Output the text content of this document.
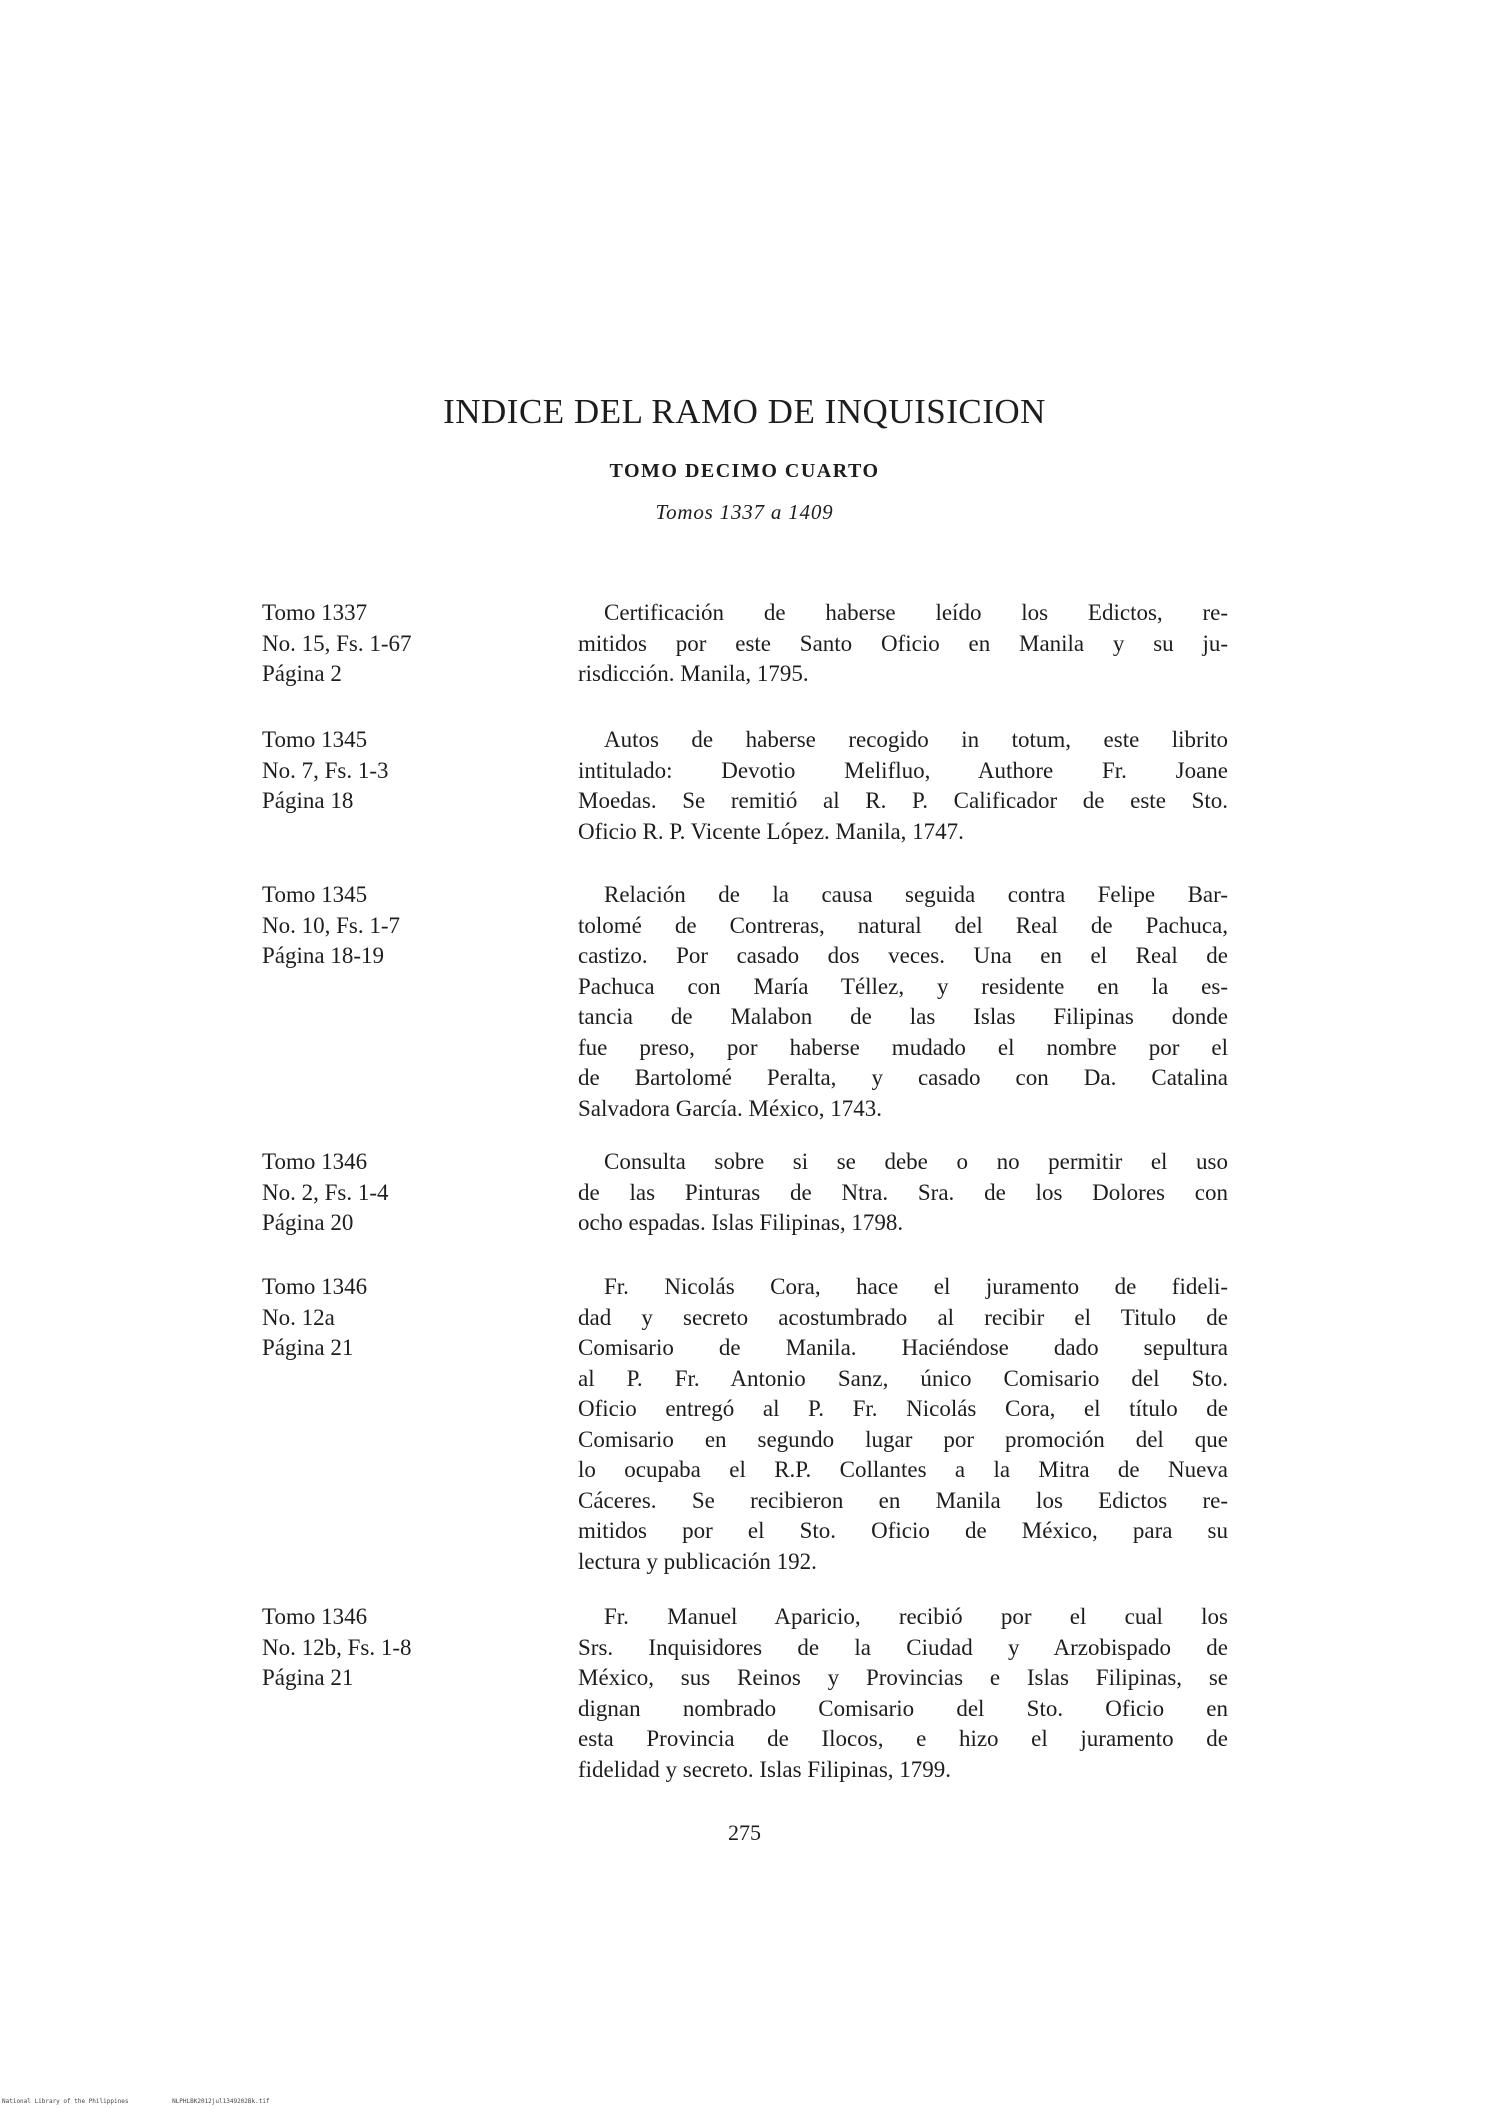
INDICE DEL RAMO DE INQUISICION
TOMO DECIMO CUARTO
Tomos 1337 a 1409
Tomo 1337
No. 15, Fs. 1-67
Página 2
Certificación de haberse leído los Edictos, re-
mitidos por este Santo Oficio en Manila y su ju-
risdicción. Manila, 1795.
Tomo 1345
No. 7, Fs. 1-3
Página 18
Autos de haberse recogido in totum, este librito
intitulado: Devotio Melifluo, Authore Fr. Joane
Moedas. Se remitió al R. P. Calificador de este Sto.
Oficio R. P. Vicente López. Manila, 1747.
Tomo 1345
No. 10, Fs. 1-7
Página 18-19
Relación de la causa seguida contra Felipe Bar-
tolomé de Contreras, natural del Real de Pachuca,
castizo. Por casado dos veces. Una en el Real de
Pachuca con María Téllez, y residente en la es-
tancia de Malabon de las Islas Filipinas donde
fue preso, por haberse mudado el nombre por el
de Bartolomé Peralta, y casado con Da. Catalina
Salvadora García. México, 1743.
Tomo 1346
No. 2, Fs. 1-4
Página 20
Consulta sobre si se debe o no permitir el uso
de las Pinturas de Ntra. Sra. de los Dolores con
ocho espadas. Islas Filipinas, 1798.
Tomo 1346
No. 12a
Página 21
Fr. Nicolás Cora, hace el juramento de fideli-
dad y secreto acostumbrado al recibir el Titulo de
Comisario de Manila. Haciéndose dado sepultura
al P. Fr. Antonio Sanz, único Comisario del Sto.
Oficio entregó al P. Fr. Nicolás Cora, el título de
Comisario en segundo lugar por promoción del que
lo ocupaba el R.P. Collantes a la Mitra de Nueva
Cáceres. Se recibieron en Manila los Edictos re-
mitidos por el Sto. Oficio de México, para su
lectura y publicación 192.
Tomo 1346
No. 12b, Fs. 1-8
Página 21
Fr. Manuel Aparicio, recibió por el cual los
Srs. Inquisidores de la Ciudad y Arzobispado de
México, sus Reinos y Provincias e Islas Filipinas, se
dignan nombrado Comisario del Sto. Oficio en
esta Provincia de Ilocos, e hizo el juramento de
fidelidad y secreto. Islas Filipinas, 1799.
275
National Library of the Philippines	NLPHLBK2012jul1349202Bk.tif
